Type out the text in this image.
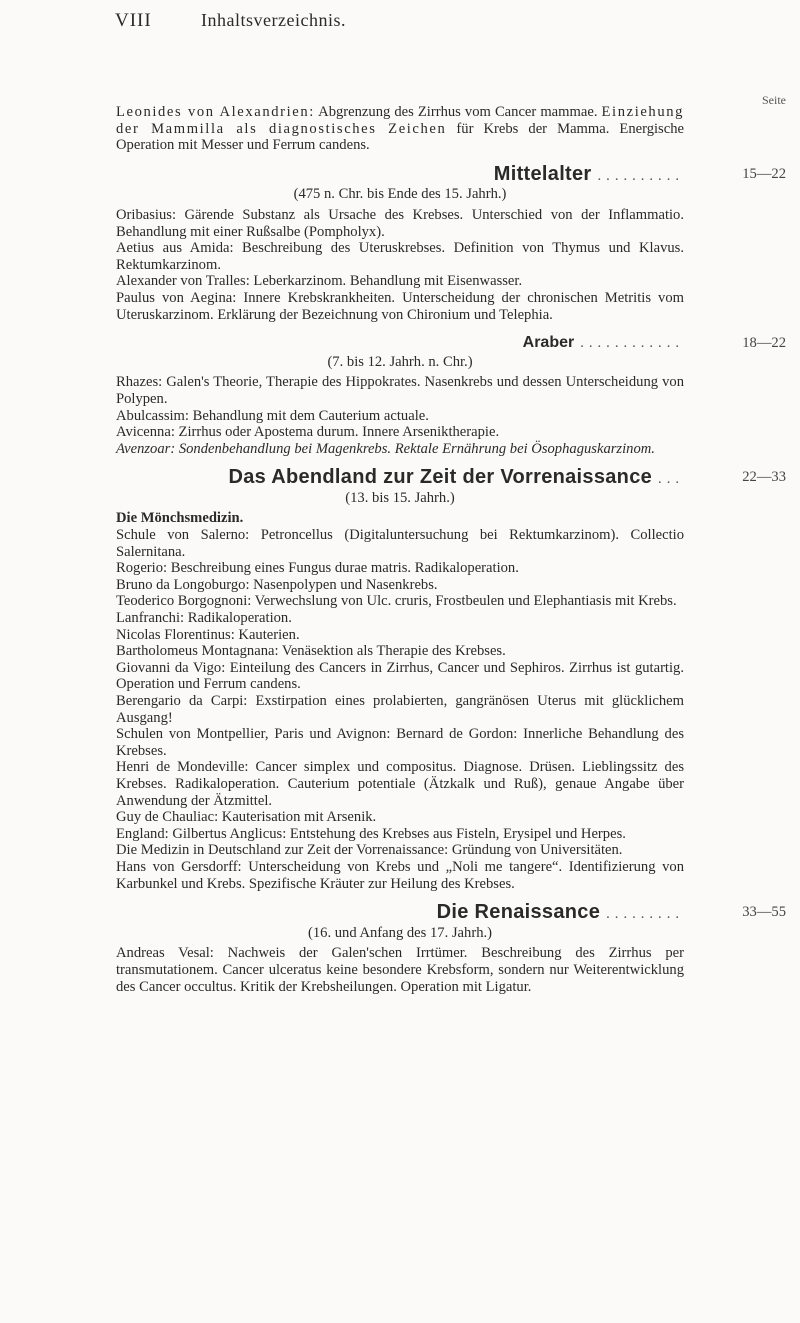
VIII	Inhaltsverzeichnis.
Seite

Leonides von Alexandrien: Abgrenzung des Zirrhus vom Cancer mammae. Einziehung der Mammilla als diagnostisches Zeichen für Krebs der Mamma. Energische Operation mit Messer und Ferrum candens.

Mittelalter ..........	15—22
(475 n. Chr. bis Ende des 15. Jahrh.)

Oribasius: Gärende Substanz als Ursache des Krebses. Unterschied von der Inflammatio. Behandlung mit einer Rußsalbe (Pompholyx).

Aetius aus Amida: Beschreibung des Uteruskrebses. Definition von Thymus und Klavus. Rektumkarzinom.

Alexander von Tralles: Leberkarzinom. Behandlung mit Eisenwasser.

Paulus von Aegina: Innere Krebskrankheiten. Unterscheidung der chronischen Metritis vom Uteruskarzinom. Erklärung der Bezeichnung von Chironium und Telephia.

Araber ............	18—22
(7. bis 12. Jahrh. n. Chr.)

Rhazes: Galen's Theorie, Therapie des Hippokrates. Nasenkrebs und dessen Unterscheidung von Polypen.

Abulcassim: Behandlung mit dem Cauterium actuale.

Avicenna: Zirrhus oder Apostema durum. Innere Arseniktherapie.

Avenzoar: Sondenbehandlung bei Magenkrebs. Rektale Ernährung bei Ösophaguskarzinom.

Das Abendland zur Zeit der Vorrenaissance ...	22—33
(13. bis 15. Jahrh.)
Die Mönchsmedizin.

Schule von Salerno: Petroncellus (Digitaluntersuchung bei Rektumkarzinom). Collectio Salernitana.

Rogerio: Beschreibung eines Fungus durae matris. Radikaloperation.

Bruno da Longoburgo: Nasenpolypen und Nasenkrebs.

Teoderico Borgognoni: Verwechslung von Ulc. cruris, Frostbeulen und Elephantiasis mit Krebs.

Lanfranchi: Radikaloperation.

Nicolas Florentinus: Kauterien.

Bartholomeus Montagnana: Venäsektion als Therapie des Krebses.

Giovanni da Vigo: Einteilung des Cancers in Zirrhus, Cancer und Sephiros. Zirrhus ist gutartig. Operation und Ferrum candens.

Berengario da Carpi: Exstirpation eines prolabierten, gangränösen Uterus mit glücklichem Ausgang!

Schulen von Montpellier, Paris und Avignon: Bernard de Gordon: Innerliche Behandlung des Krebses.

Henri de Mondeville: Cancer simplex und compositus. Diagnose. Drüsen. Lieblingssitz des Krebses. Radikaloperation. Cauterium potentiale (Ätzkalk und Ruß), genaue Angabe über Anwendung der Ätzmittel.

Guy de Chauliac: Kauterisation mit Arsenik.

England: Gilbertus Anglicus: Entstehung des Krebses aus Fisteln, Erysipel und Herpes.

Die Medizin in Deutschland zur Zeit der Vorrenaissance: Gründung von Universitäten.

Hans von Gersdorff: Unterscheidung von Krebs und „Noli me tangere“. Identifizierung von Karbunkel und Krebs. Spezifische Kräuter zur Heilung des Krebses.

Die Renaissance .........	33—55
(16. und Anfang des 17. Jahrh.)

Andreas Vesal: Nachweis der Galen'schen Irrtümer. Beschreibung des Zirrhus per transmutationem. Cancer ulceratus keine besondere Krebsform, sondern nur Weiterentwicklung des Cancer occultus. Kritik der Krebsheilungen. Operation mit Ligatur.
